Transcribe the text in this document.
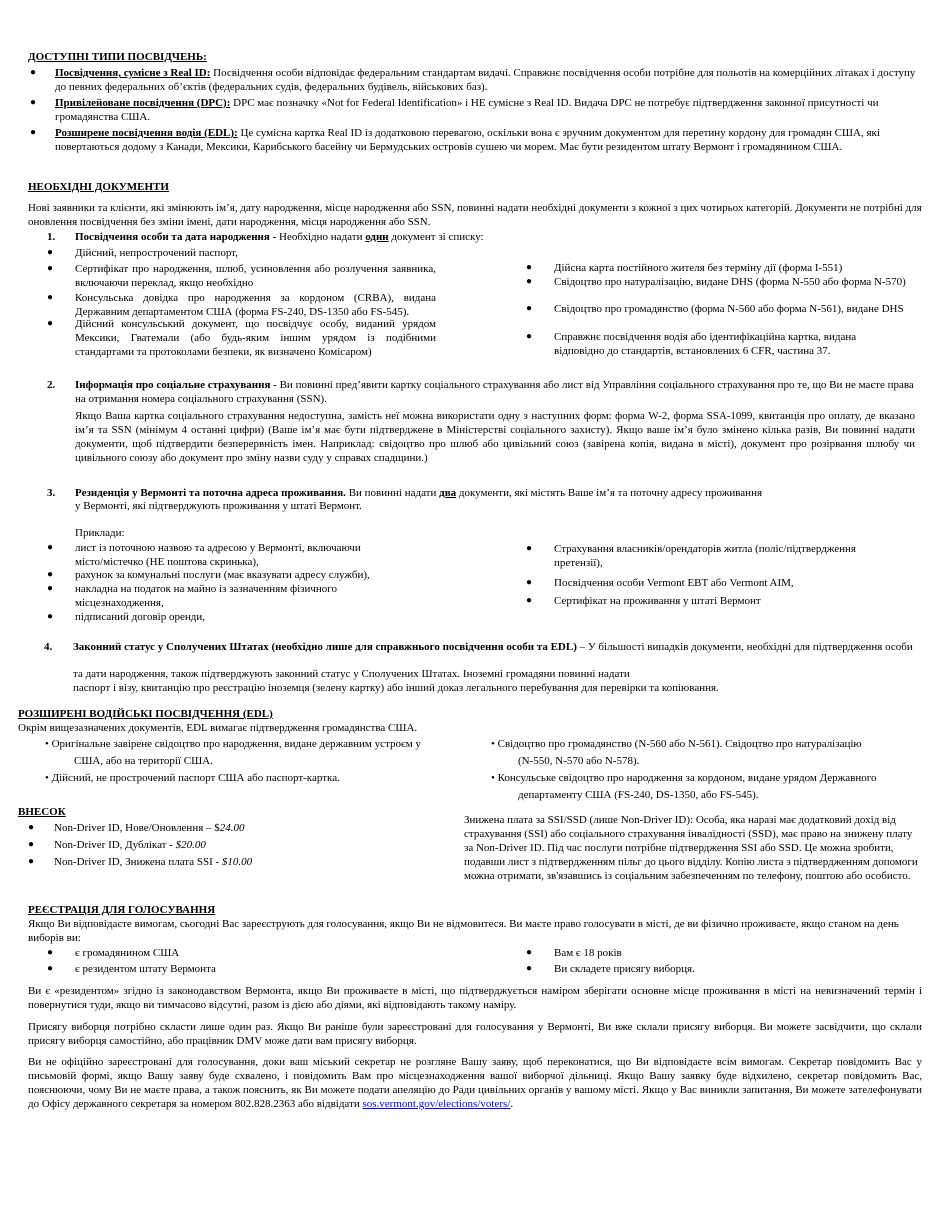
ДОСТУПНІ ТИПИ ПОСВІДЧЕНЬ:
●	Посвідчення, сумісне з Real ID: Посвідчення особи відповідає федеральним стандартам видачі. Справжнє посвідчення особи потрібне для польотів на комерційних літаках і доступу до певних федеральних об’єктів (федеральних судів, федеральних будівель, військових баз).
●	Привілейоване посвідчення (DPC): DPC має позначку «Not for Federal Identification» і НЕ сумісне з Real ID. Видача DPC не потребує підтвердження законної присутності чи громадянства США.
●	Розширене посвідчення водія (EDL): Це сумісна картка Real ID із додатковою перевагою, оскільки вона є зручним документом для перетину кордону для громадян США, які повертаються додому з Канади, Мексики, Карибського басейну чи Бермудських островів сушею чи морем. Має бути резидентом штату Вермонт і громадянином США.
НЕОБХІДНІ ДОКУМЕНТИ
Нові заявники та клієнти, які змінюють ім’я, дату народження, місце народження або SSN, повинні надати необхідні документи з кожної з цих чотирьох категорій. Документи не потрібні для оновлення посвідчення без зміни імені, дати народження, місця народження або SSN.
1. Посвідчення особи та дата народження - Необхідно надати один документ зі списку:
●	Дійсний, непрострочений паспорт,
●	Сертифікат про народження, шлюб, усиновлення або розлучення заявника, включаючи переклад, якщо необхідно
●	Консульська довідка про народження за кордоном (CRBA), видана Державним департаментом США (форма FS-240, DS-1350 або FS-545).
●	Дійсний консульський документ, що посвідчує особу, виданий урядом Мексики, Гватемали (або будь-яким іншим урядом із подібними стандартами та протоколами безпеки, як визначено Комісаром)
●	Дійсна карта постійного жителя без терміну дії (форма I-551)
●	Свідоцтво про натуралізацію, видане DHS (форма N-550 або форма N-570)
●	Свідоцтво про громадянство (форма N-560 або форма N-561), видане DHS
●	Справжнє посвідчення водія або ідентифікаційна картка, видана відповідно до стандартів, встановлених 6 CFR, частина 37.
2. Інформація про соціальне страхування - Ви повинні пред’явити картку соціального страхування або лист від Управління соціального страхування про те, що Ви не маєте права на отримання номера соціального страхування (SSN).
Якщо Ваша картка соціального страхування недоступна, замість неї можна використати одну з наступних форм: форма W-2, форма SSA-1099, квитанція про оплату, де вказано ім’я та SSN (мінімум 4 останні цифри) (Ваше ім’я має бути підтверджене в Міністерстві соціального захисту). Якщо ваше ім’я було змінено кілька разів, Ви повинні надати документи, щоб підтвердити безперервність імен. Наприклад: свідоцтво про шлюб або цивільний союз (завірена копія, видана в місті), документ про розірвання шлюбу чи цивільного союзу або документ про зміну назви суду у справах спадщини.)
3. Резиденція у Вермонті та поточна адреса проживання. Ви повинні надати два документи, які містять Ваше ім’я та поточну адресу проживання
у Вермонті, які підтверджують проживання у штаті Вермонт.
Приклади:
●	лист із поточною назвою та адресою у Вермонті, включаючи місто/містечко (НЕ поштова скринька),
●	рахунок за комунальні послуги (має вказувати адресу служби),
●	накладна на податок на майно із зазначенням фізичного місцезнаходження,
●	підписаний договір оренди,
●	Страхування власників/орендаторів житла (поліс/підтвердження претензії),
●	Посвідчення особи Vermont EBT або Vermont AIM,
●	Сертифікат на проживання у штаті Вермонт
4. Законний статус у Сполучених Штатах (необхідно лише для справжнього посвідчення особи та EDL) – У більшості випадків документи, необхідні для підтвердження особи
та дати народження, також підтверджують законний статус у Сполучених Штатах. Іноземні громадяни повинні надати
паспорт і візу, квитанцію про реєстрацію іноземця (зелену картку) або інший доказ легального перебування для перевірки та копіювання.
РОЗШИРЕНІ ВОДІЙСЬКІ ПОСВІДЧЕННЯ (EDL)
Окрім вищезазначених документів, EDL вимагає підтвердження громадянства США.
• Оригінальне завірене свідоцтво про народження, видане державним устроєм у
США, або на території США.
• Дійсний, не прострочений паспорт США або паспорт-картка.
• Свідоцтво про громадянство (N-560 або N-561). Свідоцтво про натуралізацію
(N-550, N-570 або N-578).
• Консульське свідоцтво про народження за кордоном, видане урядом Державного
департаменту США (FS-240, DS-1350, або FS-545).
ВНЕСОК
●	Non-Driver ID, Нове/Оновлення – $24.00
●	Non-Driver ID, Дублікат - $20.00
●	Non-Driver ID, Знижена плата SSI - $10.00
Знижена плата за SSI/SSD (лише Non-Driver ID): Особа, яка наразі має додатковий дохід від страхування (SSI) або соціального страхування інвалідності (SSD), має право на знижену плату за Non-Driver ID. Під час послуги потрібне підтвердження SSI або SSD. Це можна зробити, подавши лист з підтвердженням пільг до цього відділу. Копію листа з підтвердженням допомоги можна отримати, зв'язавшись із соціальним забезпеченням по телефону, поштою або особисто.
РЕЄСТРАЦІЯ ДЛЯ ГОЛОСУВАННЯ
Якщо Ви відповідаєте вимогам, сьогодні Вас зареєструють для голосування, якщо Ви не відмовитеся. Ви маєте право голосувати в місті, де ви фізично проживаєте, якщо станом на день виборів ви:
●	є громадянином США
●	є резидентом штату Вермонта
●	Вам є 18 років
●	Ви складете присягу виборця.
Ви є «резидентом» згідно із законодавством Вермонта, якщо Ви проживаєте в місті, що підтверджується наміром зберігати основне місце проживання в місті на невизначений термін і повернутися туди, якщо ви тимчасово відсутні, разом із дією або діями, які відповідають такому наміру.
Присягу виборця потрібно скласти лише один раз. Якщо Ви раніше були зареєстровані для голосування у Вермонті, Ви вже склали присягу виборця. Ви можете засвідчити, що склали присягу виборця самостійно, або працівник DMV може дати вам присягу виборця.
Ви не офіційно зареєстровані для голосування, доки ваш міський секретар не розгляне Вашу заяву, щоб переконатися, що Ви відповідаєте всім вимогам. Секретар повідомить Вас у письмовій формі, якщо Вашу заяву буде схвалено, і повідомить Вам про місцезнаходження вашої виборчої дільниці. Якщо Вашу заявку буде відхилено, секретар повідомить Вас, пояснюючи, чому Ви не маєте права, а також пояснить, як Ви можете подати апеляцію до Ради цивільних органів у вашому місті. Якщо у Вас виникли запитання, Ви можете зателефонувати до Офісу державного секретаря за номером 802.828.2363 або відвідати sos.vermont.gov/elections/voters/.
